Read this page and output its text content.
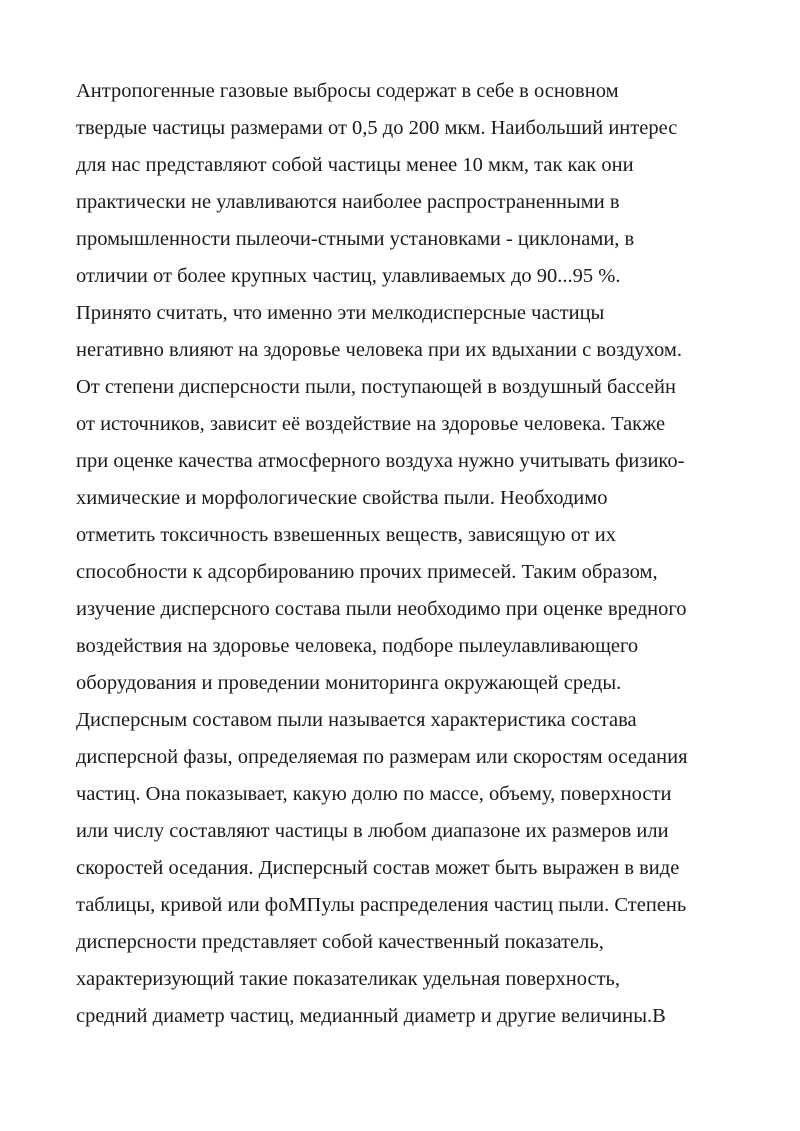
Антропогенные газовые выбросы содержат в себе в основном
твердые частицы размерами от 0,5 до 200 мкм. Наибольший интерес
для нас представляют собой частицы менее 10 мкм, так как они
практически не улавливаются наиболее распространенными в
промышленности пылеочи-стными установками - циклонами, в
отличии от более крупных частиц, улавливаемых до 90...95 %.
Принято считать, что именно эти мелкодисперсные частицы
негативно влияют на здоровье человека при их вдыхании с воздухом.
От степени дисперсности пыли, поступающей в воздушный бассейн
от источников, зависит её воздействие на здоровье человека. Также
при оценке качества атмосферного воздуха нужно учитывать физико-
химические и морфологические свойства пыли. Необходимо
отметить токсичность взвешенных веществ, зависящую от их
способности к адсорбированию прочих примесей. Таким образом,
изучение дисперсного состава пыли необходимо при оценке вредного
воздействия на здоровье человека, подборе пылеулавливающего
оборудования и проведении мониторинга окружающей среды.
Дисперсным составом пыли называется характеристика состава
дисперсной фазы, определяемая по размерам или скоростям оседания
частиц. Она показывает, какую долю по массе, объему, поверхности
или числу составляют частицы в любом диапазоне их размеров или
скоростей оседания. Дисперсный состав может быть выражен в виде
таблицы, кривой или фоМПулы распределения частиц пыли. Степень
дисперсности представляет собой качественный показатель,
характеризующий такие показателикак удельная поверхность,
средний диаметр частиц, медианный диаметр и другие величины.В
